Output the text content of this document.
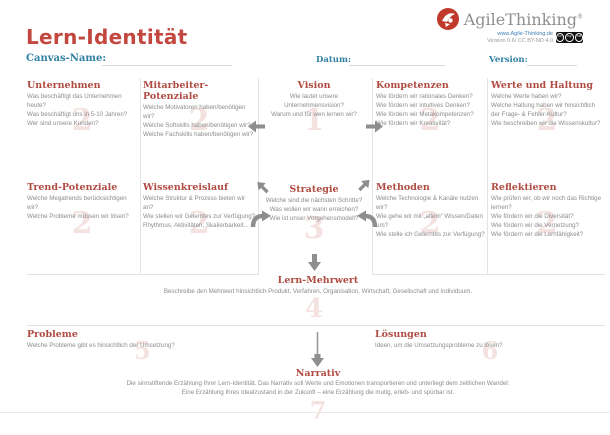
Lern-Identität
AgileThinking®
www.Agile-Thinking.de
Version 0.6/ CC BY-ND 4.0
cc	by	nd
Canvas-Name:	Datum:	Version:
Unternehmen
Was beschäftigt das Unternehmen heute?
Was beschäftigt uns in 5-10 Jahren?
Wer sind unsere Kunden?
2
Mitarbeiter-Potenziale
Welche Motivatoren haben/benötigen wir?
Welche Softskills haben/benötigen wir?
Welche Fachskills haben/benötigen wir?
2
Vision
Wie lautet unsere Unternehmensvision?
Warum und für wen lernen wir?
1
Kompetenzen
Wie fördern wir rationales Denken?
Wie fördern wir intuitives Denken?
Wie fördern wir Metakompetenzen?
Wie fördern wir Kreativität?
2
Werte und Haltung
Welche Werte haben wir?
Welche Haltung haben wir hinsichtlich der Frage- & Fehler-Kultur?
Wie beschreiben wir die Wissenskultur?
2
Trend-Potenziale
Welche Megatrends berücksichtigen wir?
Welche Probleme müssen wir lösen?
2
Wissenkreislauf
Welche Struktur & Prozess bieten wir an?
Wie stellen wir Gelerntes zur Verfügung?
Rhythmus, Aktivitäten, Skalierbarkeit...
2
Strategie
Welche sind die nächsten Schritte?
Was wollen wir wann erreichen?
Wie ist unser Vorgehensmodell?
3
Methoden
Welche Technologie & Kanäle nutzen wir?
Wie gehe wir mit „altem“ Wissen/Daten um?
Wie stelle ich Gelerntes zur Verfügung?
2
Reflektieren
Wie prüfen wir, ob wir noch das Richtige lernen?
Wie fördern wir die Diversität?
Wie fördern wir die Vernetzung?
Wie fördern wir die Lernfähigkeit?
2
Lern-Mehrwert
Beschreibe den Mehrwert hinsichtlich Produkt, Verfahren, Organisation, Wirtschaft, Gesellschaft und Individuum.
4
Probleme
Welche Probleme gibt es hinsichtlich der Umsetzung?
5
Lösungen
Ideen, um die Umsetzungsprobleme zu lösen?
6
Narrativ
Die sinnstiftende Erzählung Ihrer Lern-Identität. Das Narrativ soll Werte und Emotionen transportieren und unterliegt dem zeitlichen Wandel:
Eine Erzählung Ihres Idealzustand in der Zukunft – eine Erzählung die mutig, erleb- und spürbar ist.
7
